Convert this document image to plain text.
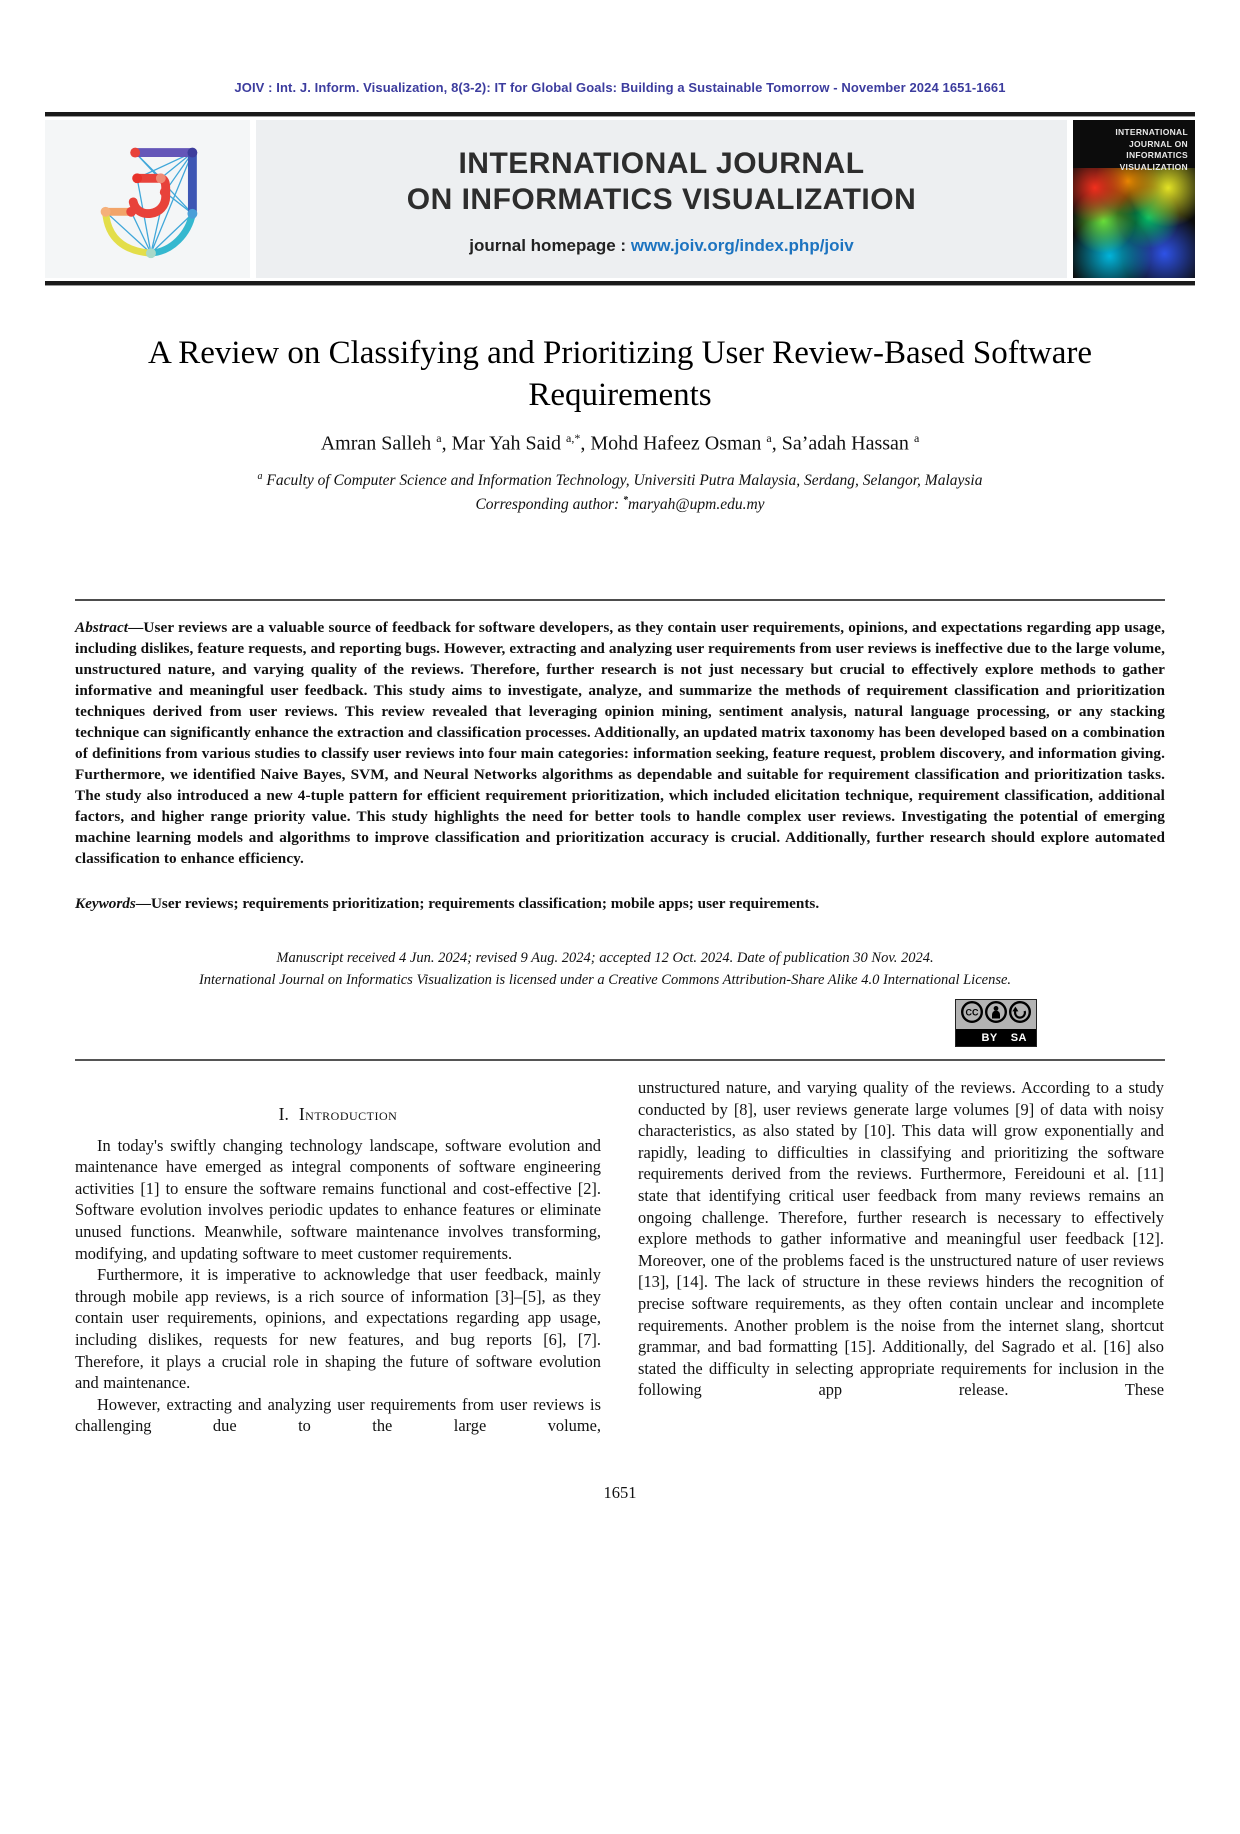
JOIV : Int. J. Inform. Visualization, 8(3-2): IT for Global Goals: Building a Sustainable Tomorrow - November 2024 1651-1661
INTERNATIONAL JOURNAL
ON INFORMATICS VISUALIZATION
journal homepage : www.joiv.org/index.php/joiv
INTERNATIONAL
JOURNAL ON
INFORMATICS
VISUALIZATION
A Review on Classifying and Prioritizing User Review-Based Software Requirements
Amran Salleh $^a$, Mar Yah Said $^{a,*}$, Mohd Hafeez Osman $^a$, Sa’adah Hassan $^a$
$^a$ Faculty of Computer Science and Information Technology, Universiti Putra Malaysia, Serdang, Selangor, Malaysia
Corresponding author: *maryah@upm.edu.my
Abstract—User reviews are a valuable source of feedback for software developers, as they contain user requirements, opinions, and expectations regarding app usage, including dislikes, feature requests, and reporting bugs. However, extracting and analyzing user requirements from user reviews is ineffective due to the large volume, unstructured nature, and varying quality of the reviews. Therefore, further research is not just necessary but crucial to effectively explore methods to gather informative and meaningful user feedback. This study aims to investigate, analyze, and summarize the methods of requirement classification and prioritization techniques derived from user reviews. This review revealed that leveraging opinion mining, sentiment analysis, natural language processing, or any stacking technique can significantly enhance the extraction and classification processes. Additionally, an updated matrix taxonomy has been developed based on a combination of definitions from various studies to classify user reviews into four main categories: information seeking, feature request, problem discovery, and information giving. Furthermore, we identified Naive Bayes, SVM, and Neural Networks algorithms as dependable and suitable for requirement classification and prioritization tasks. The study also introduced a new 4-tuple pattern for efficient requirement prioritization, which included elicitation technique, requirement classification, additional factors, and higher range priority value. This study highlights the need for better tools to handle complex user reviews. Investigating the potential of emerging machine learning models and algorithms to improve classification and prioritization accuracy is crucial. Additionally, further research should explore automated classification to enhance efficiency.
Keywords—User reviews; requirements prioritization; requirements classification; mobile apps; user requirements.
Manuscript received 4 Jun. 2024; revised 9 Aug. 2024; accepted 12 Oct. 2024. Date of publication 30 Nov. 2024.
International Journal on Informatics Visualization is licensed under a Creative Commons Attribution-Share Alike 4.0 International License.
CC
BY SA
I. Introduction

In today's swiftly changing technology landscape, software evolution and maintenance have emerged as integral components of software engineering activities [1] to ensure the software remains functional and cost-effective [2]. Software evolution involves periodic updates to enhance features or eliminate unused functions. Meanwhile, software maintenance involves transforming, modifying, and updating software to meet customer requirements.

Furthermore, it is imperative to acknowledge that user feedback, mainly through mobile app reviews, is a rich source of information [3]–[5], as they contain user requirements, opinions, and expectations regarding app usage, including dislikes, requests for new features, and bug reports [6], [7]. Therefore, it plays a crucial role in shaping the future of software evolution and maintenance.

However, extracting and analyzing user requirements from user reviews is challenging due to the large volume,

unstructured nature, and varying quality of the reviews. According to a study conducted by [8], user reviews generate large volumes [9] of data with noisy characteristics, as also stated by [10]. This data will grow exponentially and rapidly, leading to difficulties in classifying and prioritizing the software requirements derived from the reviews. Furthermore, Fereidouni et al. [11] state that identifying critical user feedback from many reviews remains an ongoing challenge. Therefore, further research is necessary to effectively explore methods to gather informative and meaningful user feedback [12]. Moreover, one of the problems faced is the unstructured nature of user reviews [13], [14]. The lack of structure in these reviews hinders the recognition of precise software requirements, as they often contain unclear and incomplete requirements. Another problem is the noise from the internet slang, shortcut grammar, and bad formatting [15]. Additionally, del Sagrado et al. [16] also stated the difficulty in selecting appropriate requirements for inclusion in the following app release. These

1651
